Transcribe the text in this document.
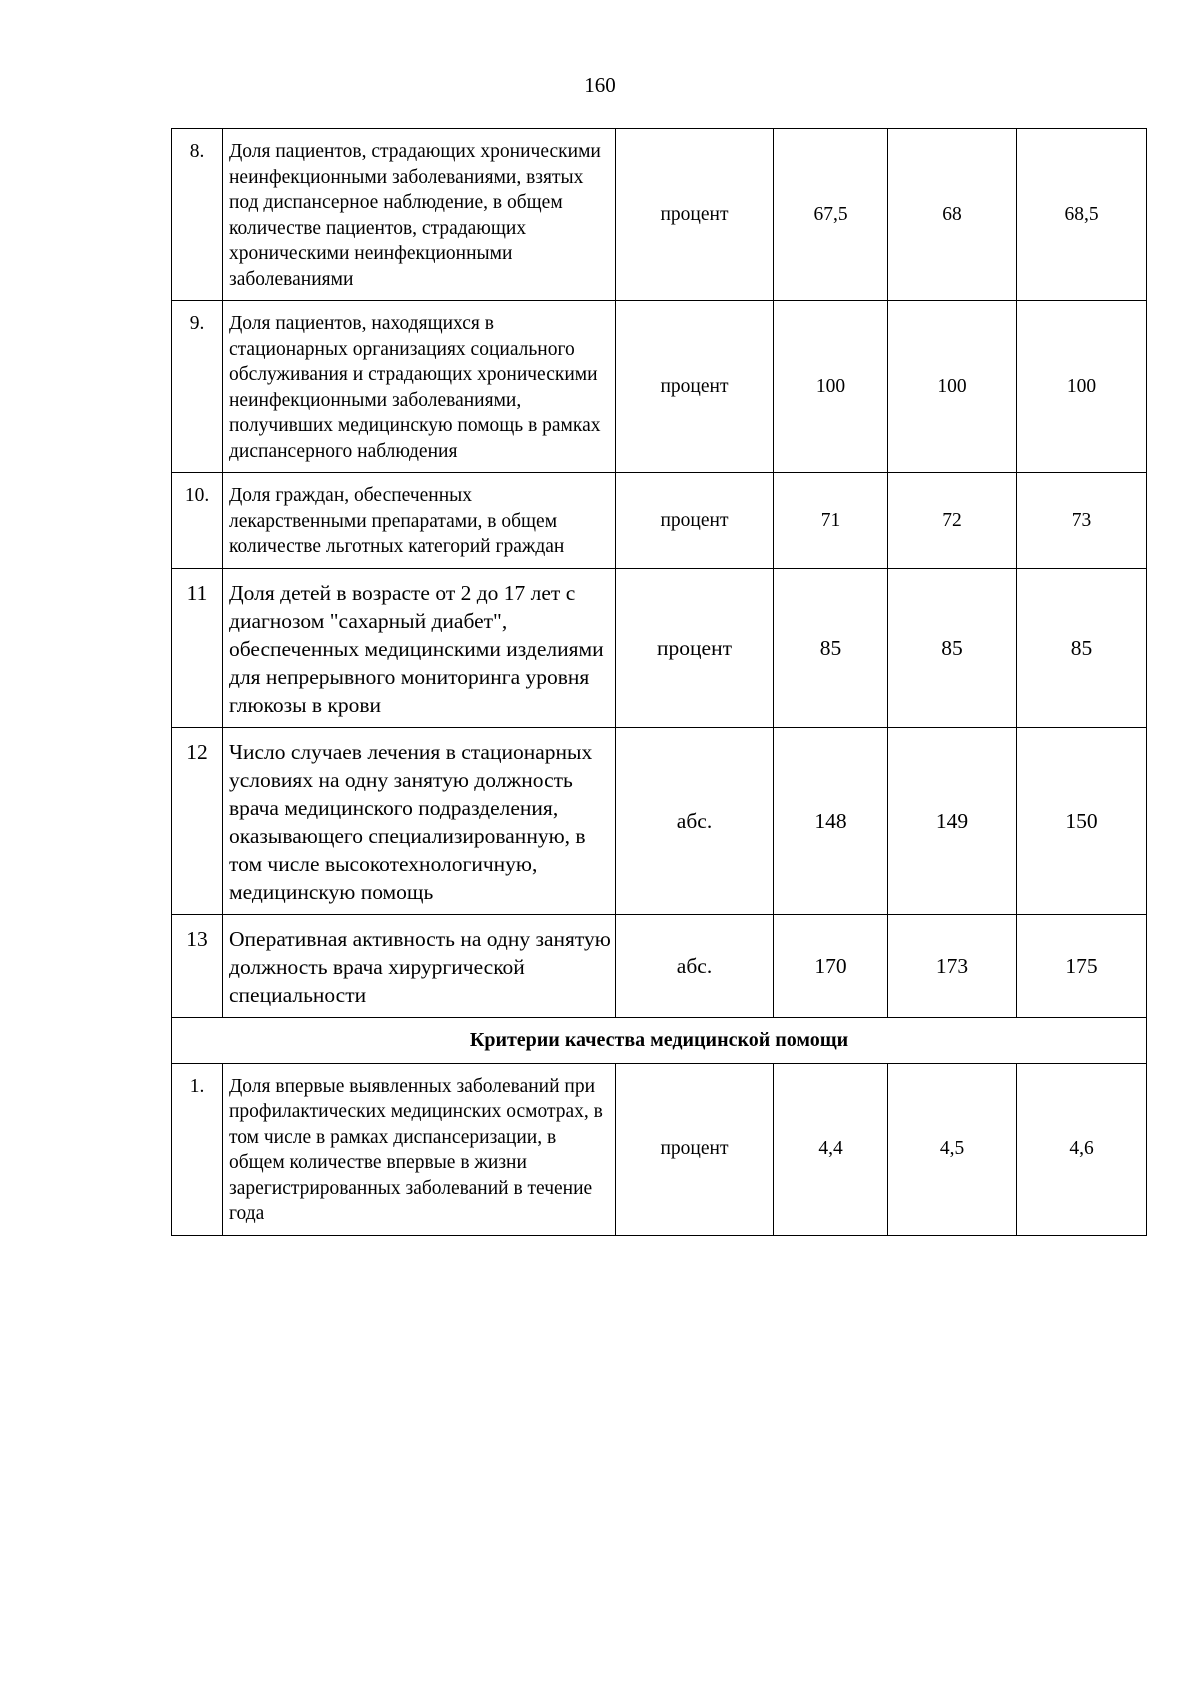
160
8.	Доля пациентов, страдающих хроническими неинфекционными заболеваниями, взятых под диспансерное наблюдение, в общем количестве пациентов, страдающих хроническими неинфекционными заболеваниями	процент	67,5	68	68,5
9.	Доля пациентов, находящихся в стационарных организациях социального обслуживания и страдающих хроническими неинфекционными заболеваниями, получивших медицинскую помощь в рамках диспансерного наблюдения	процент	100	100	100
10.	Доля граждан, обеспеченных лекарственными препаратами, в общем количестве льготных категорий граждан	процент	71	72	73
11	Доля детей в возрасте от 2 до 17 лет с диагнозом "сахарный диабет", обеспеченных медицинскими изделиями для непрерывного мониторинга уровня глюкозы в крови	процент	85	85	85
12	Число случаев лечения в стационарных условиях на одну занятую должность врача медицинского подразделения, оказывающего специализированную, в том числе высокотехнологичную, медицинскую помощь	абс.	148	149	150
13	Оперативная активность на одну занятую должность врача хирургической специальности	абс.	170	173	175
Критерии качества медицинской помощи					
1.	Доля впервые выявленных заболеваний при профилактических медицинских осмотрах, в том числе в рамках диспансеризации, в общем количестве впервые в жизни зарегистрированных заболеваний в течение года	процент	4,4	4,5	4,6
